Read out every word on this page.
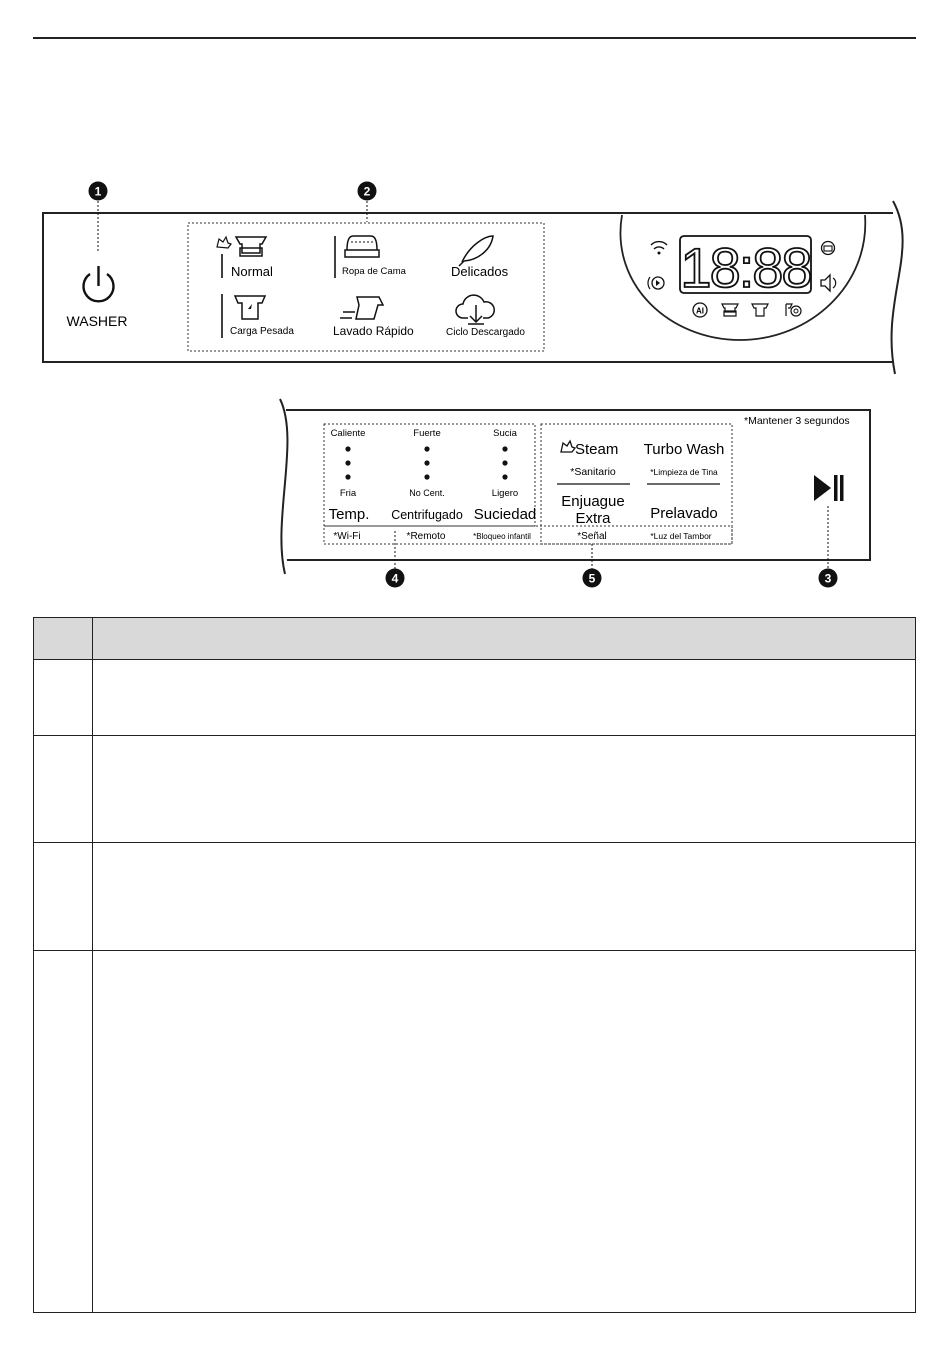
1	2
WASHER
Normal	Ropa de Cama	Delicados
Carga Pesada	Lavado Rápido	Ciclo Descargado
18:88
AI
*Mantener 3 segundos
Caliente
Fria
Temp.
*Wi-Fi
Fuerte
No Cent.
Centrifugado
*Remoto
Sucia
Ligero
Suciedad
*Bloqueo infantil
Steam
*Sanitario
Turbo Wash
*Limpieza de Tina
Enjuague
Extra
*Señal
Prelavado
*Luz del Tambor
4	5	3
